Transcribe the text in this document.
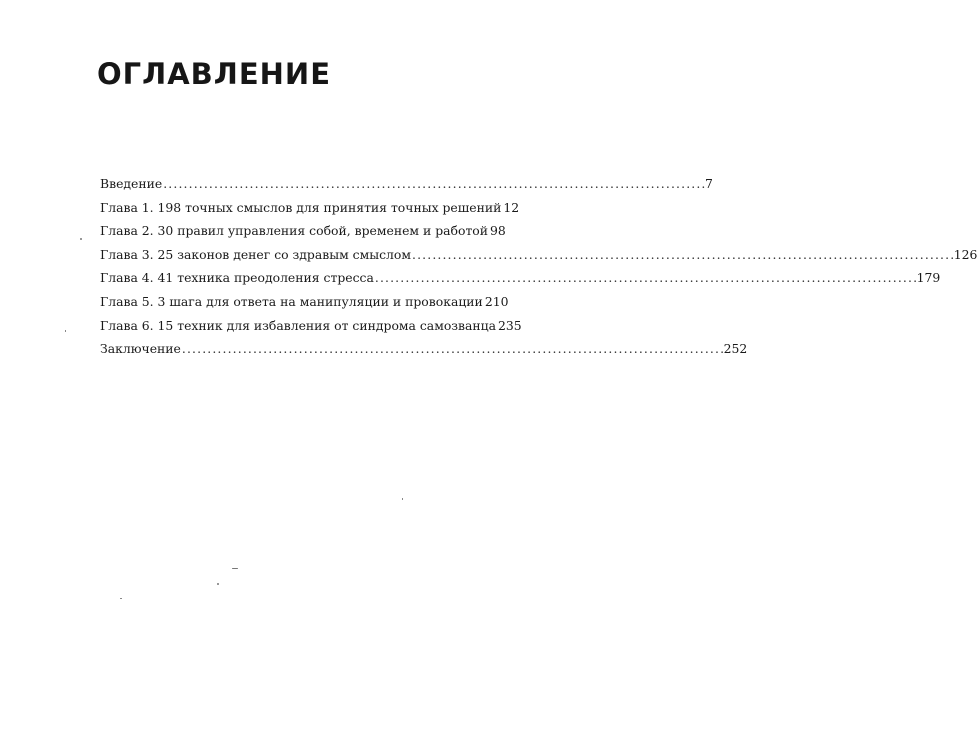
ОГЛАВЛЕНИЕ
Введение . . .	7
Глава 1. 198 точных смыслов для принятия точных решений 12
Глава 2. 30 правил управления собой, временем и работой 98
Глава 3. 25 законов денег со здравым смыслом . . .	126
Глава 4. 41 техника преодоления стресса . . .	179
Глава 5. 3 шага для ответа на манипуляции и провокации 210
Глава 6. 15 техник для избавления от синдрома самозванца 235
Заключение . . .	252
